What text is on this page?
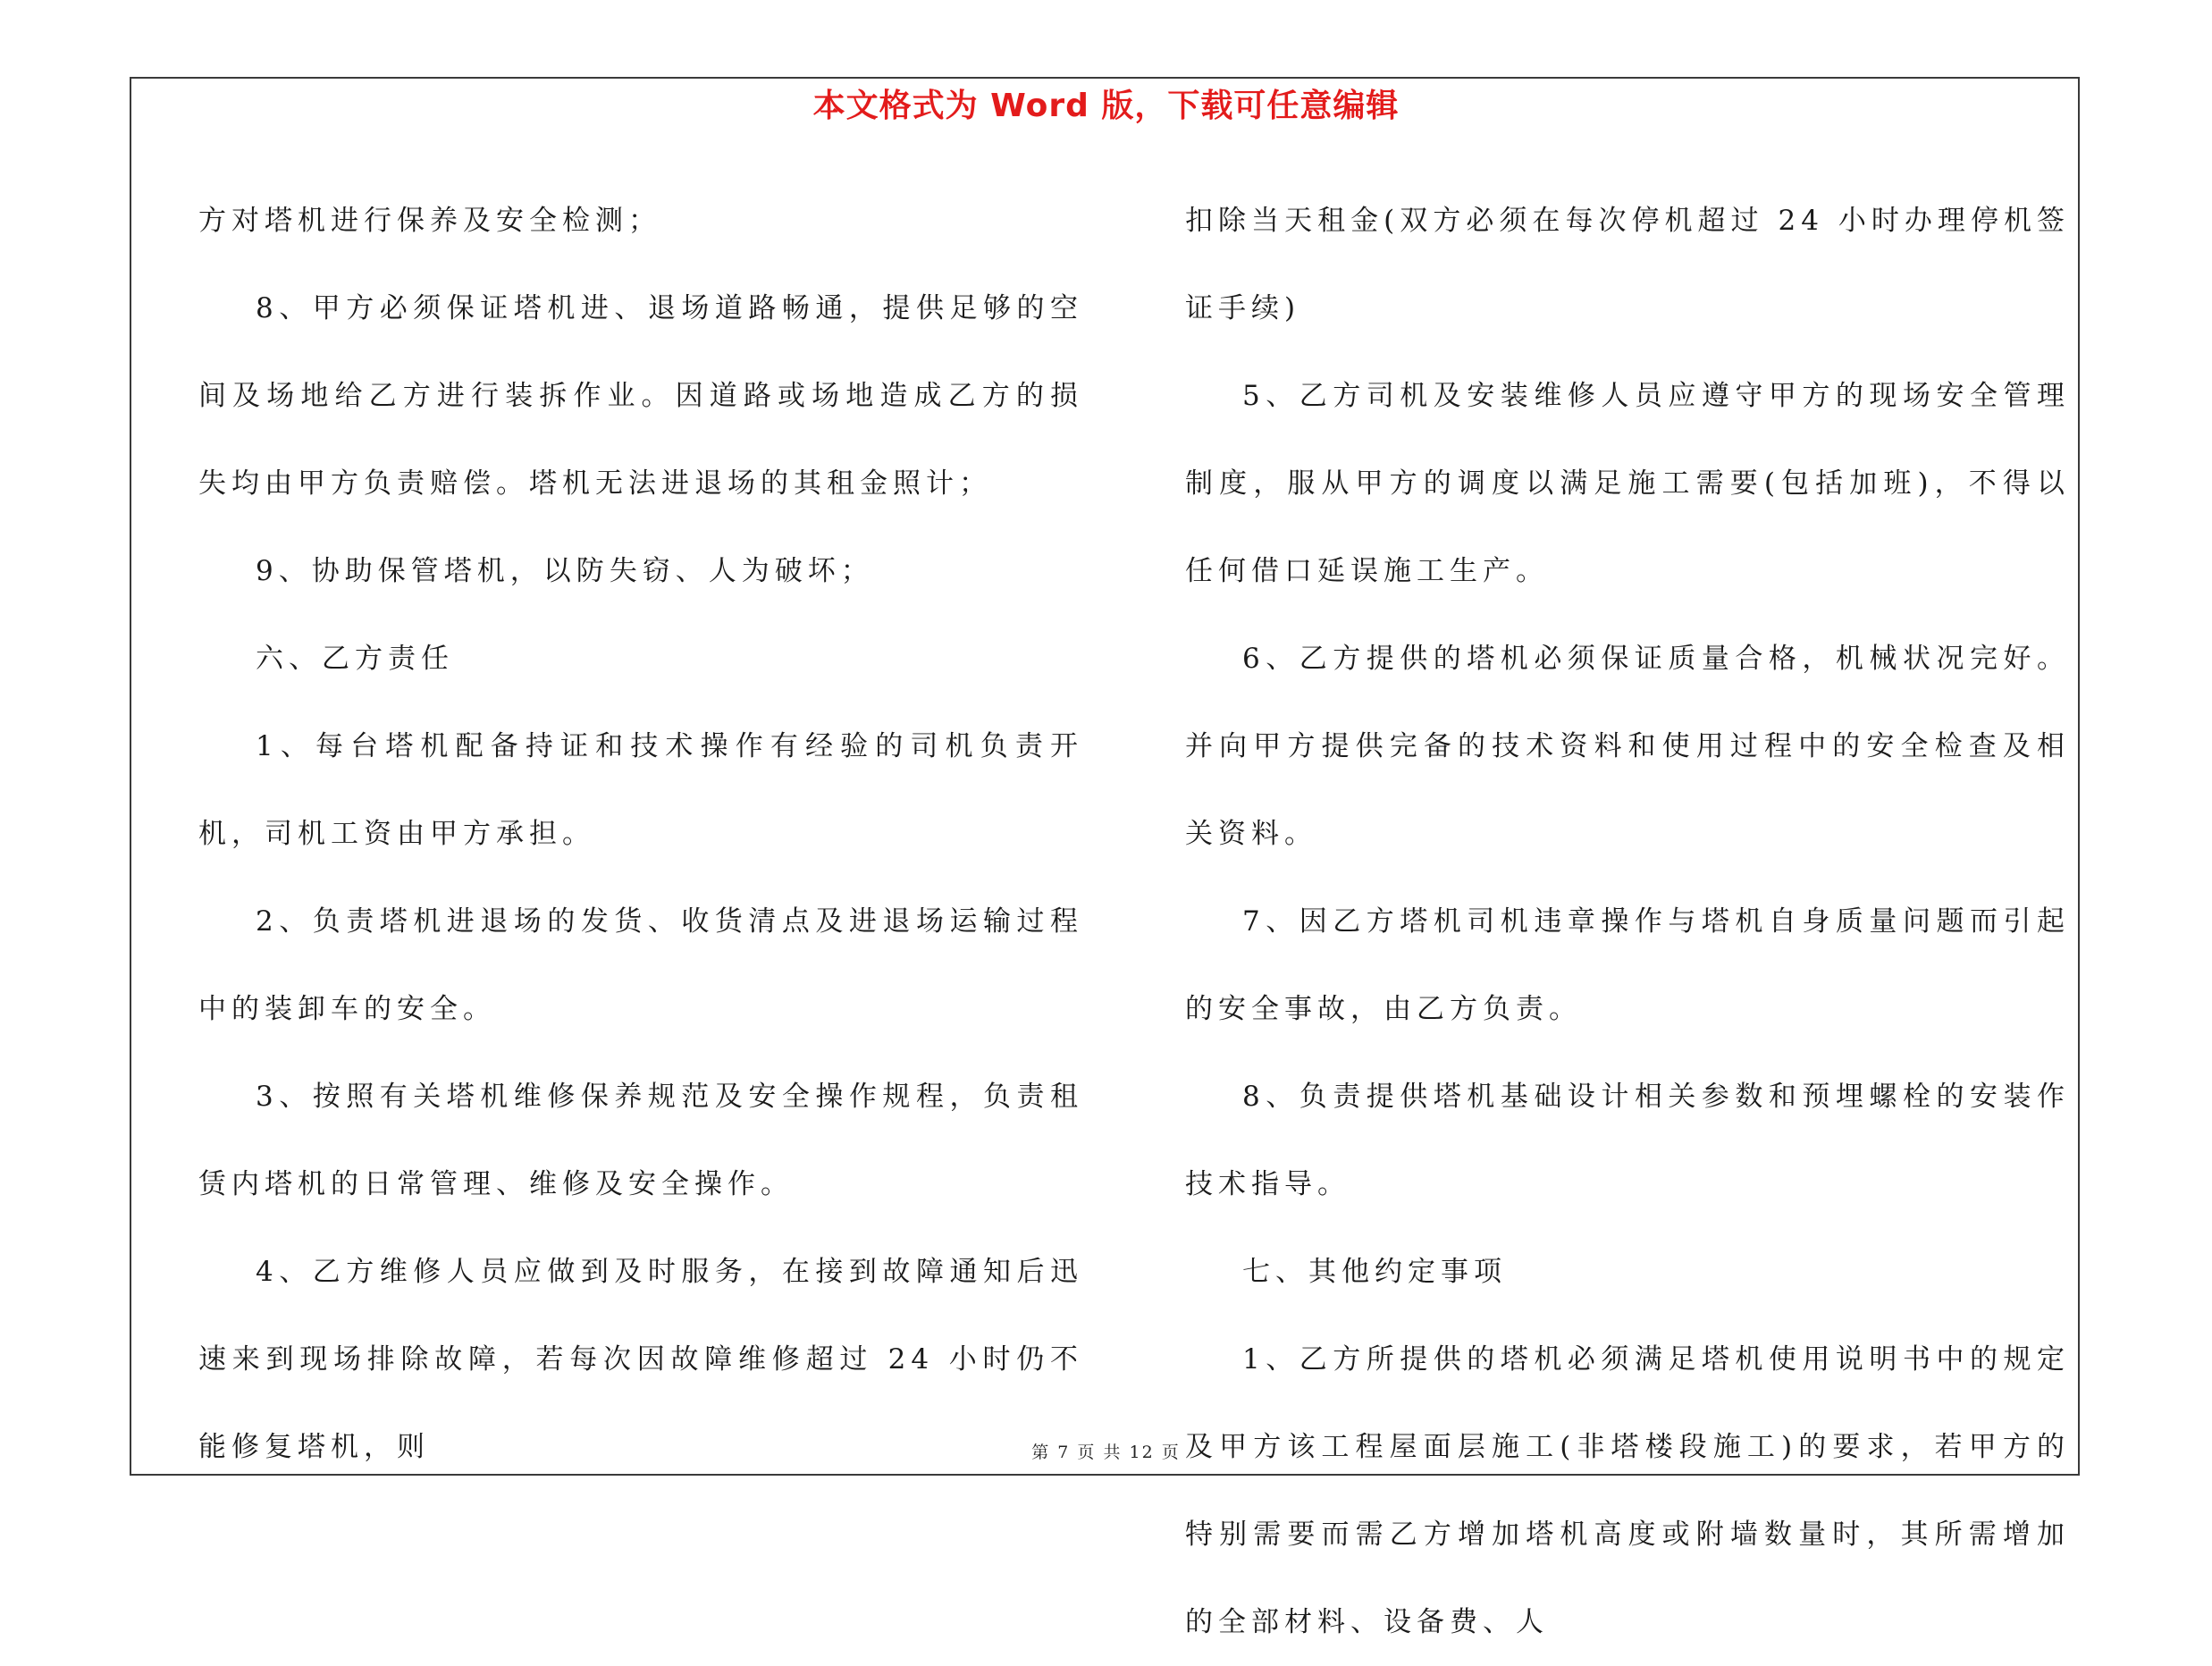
本文格式为 Word 版，下载可任意编辑

方对塔机进行保养及安全检测；

8、甲方必须保证塔机进、退场道路畅通，提供足够的空间及场地给乙方进行装拆作业。因道路或场地造成乙方的损失均由甲方负责赔偿。塔机无法进退场的其租金照计；

9、协助保管塔机，以防失窃、人为破坏；

六、乙方责任

1、每台塔机配备持证和技术操作有经验的司机负责开机，司机工资由甲方承担。

2、负责塔机进退场的发货、收货清点及进退场运输过程中的装卸车的安全。

3、按照有关塔机维修保养规范及安全操作规程，负责租赁内塔机的日常管理、维修及安全操作。

4、乙方维修人员应做到及时服务，在接到故障通知后迅速来到现场排除故障，若每次因故障维修超过 24 小时仍不能修复塔机，则

扣除当天租金(双方必须在每次停机超过 24 小时办理停机签证手续)

5、乙方司机及安装维修人员应遵守甲方的现场安全管理制度，服从甲方的调度以满足施工需要(包括加班)，不得以任何借口延误施工生产。

6、乙方提供的塔机必须保证质量合格，机械状况完好。并向甲方提供完备的技术资料和使用过程中的安全检查及相关资料。

7、因乙方塔机司机违章操作与塔机自身质量问题而引起的安全事故，由乙方负责。

8、负责提供塔机基础设计相关参数和预埋螺栓的安装作技术指导。

七、其他约定事项

1、乙方所提供的塔机必须满足塔机使用说明书中的规定及甲方该工程屋面层施工(非塔楼段施工)的要求，若甲方的特别需要而需乙方增加塔机高度或附墙数量时，其所需增加的全部材料、设备费、人

第 7 页 共 12 页
